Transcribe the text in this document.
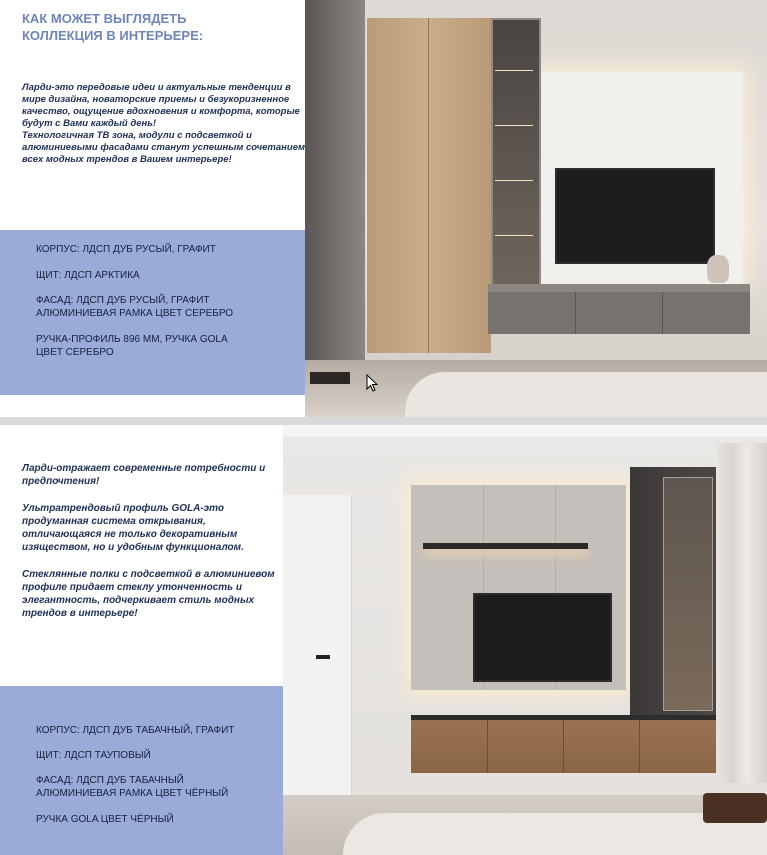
КАК МОЖЕТ ВЫГЛЯДЕТЬ
КОЛЛЕКЦИЯ В ИНТЕРЬЕРЕ:
Ларди-это передовые идеи и актуальные тенденции в
мире дизайна, новаторские приемы и безукоризненное
качество, ощущение вдохновения и комфорта, которые
будут с Вами каждый день!
Технологичная ТВ зона, модули с подсветкой и
алюминиевыми фасадами станут успешным сочетанием
всех модных трендов в Вашем интерьере!
КОРПУС: ЛДСП ДУБ РУСЫЙ, ГРАФИТ
ЩИТ: ЛДСП АРКТИКА
ФАСАД: ЛДСП ДУБ РУСЫЙ, ГРАФИТ
АЛЮМИНИЕВАЯ РАМКА ЦВЕТ СЕРЕБРО
РУЧКА-ПРОФИЛЬ 896 ММ, РУЧКА GOLA
ЦВЕТ СЕРЕБРО

Ларди-отражает современные потребности и
предпочтения!

Ультратрендовый профиль GOLA-это
продуманная система открывания,
отличающаяся не только декоративным
изяществом, но и удобным функционалом.

Стеклянные полки с подсветкой в алюминиевом
профиле придает стеклу утонченность и
элегантность, подчеркивает стиль модных
трендов в интерьере!

КОРПУС: ЛДСП ДУБ ТАБАЧНЫЙ, ГРАФИТ
ЩИТ: ЛДСП ТАУПОВЫЙ
ФАСАД: ЛДСП ДУБ ТАБАЧНЫЙ
АЛЮМИНИЕВАЯ РАМКА ЦВЕТ ЧЁРНЫЙ
РУЧКА GOLA ЦВЕТ ЧЁРНЫЙ
